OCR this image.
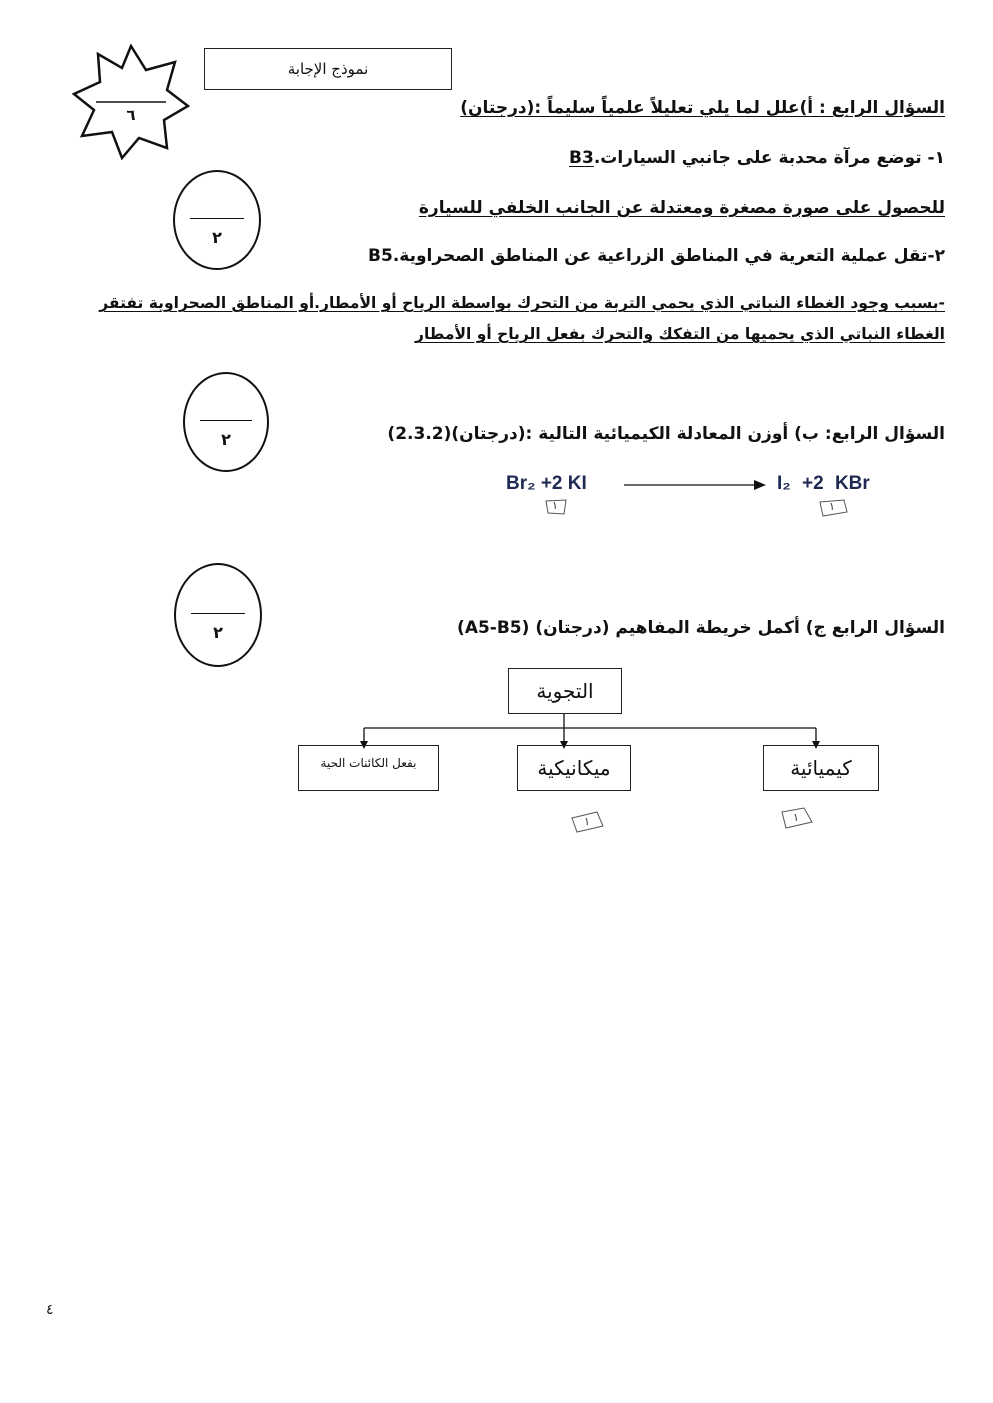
٦
نموذج الإجابة
السؤال الرابع : أ)علل لما يلي تعليلاً علمياً سليماً :(درجتان)
٢
١- توضع مرآة محدبة على جانبي السيارات.B3
للحصول على صورة مصغرة ومعتدلة عن الجانب الخلفي للسيارة
٢-تقل عملية التعرية في المناطق الزراعية عن المناطق الصحراوية.B5
-بسبب وجود الغطاء النباتي الذي يحمي التربة من التحرك بواسطة الرياح أو الأمطار.أو المناطق الصحراوية تفتقر
الغطاء النباتي الذي يحميها من التفكك والتحرك بفعل الرياح أو الأمطار
٢	السؤال الرابع: ب) أوزن المعادلة الكيميائية التالية :(درجتان)(2.3.2)
Br₂ +2 KI	I₂ +2 KBr
١	١
٢	السؤال الرابع ج) أكمل خريطة المفاهيم (درجتان) (A5-B5)
التجوية
كيميائية
ميكانيكية
بفعل الكائنات الحية
١	١
٤
